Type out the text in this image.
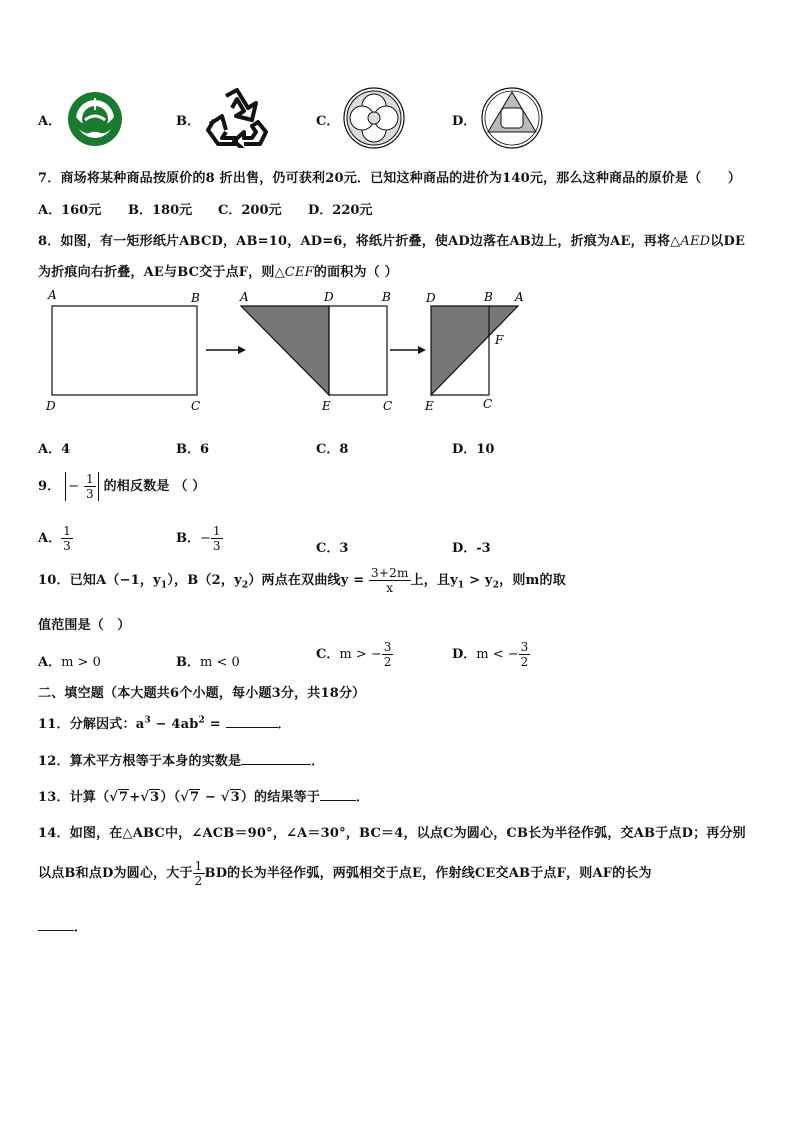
A．	B．	C．	D．
7．商场将某种商品按原价的8 折出售，仍可获利20元．已知这种商品的进价为140元，那么这种商品的原价是（　　）
A．160元 B．180元 C．200元 D．220元
8．如图，有一矩形纸片ABCD，AB=10，AD=6，将纸片折叠，使AD边落在AB边上，折痕为AE，再将△AED以DE
为折痕向右折叠，AE与BC交于点F，则△CEF的面积为（ ）
A	B
D	C
A	D	B
E	C
D	B A
F
E	C
A．4	B．6	C．8	D．10
9． − $\frac{1}{3}$ 的相反数是 （ ）
A． $\frac{1}{3}$	B．− $\frac{1}{3}$	C．3	D．-3
10．已知A（−1，$y_1$），B（2，$y_2$）两点在双曲线$y = \frac{3+2m}{x}$ 上，且$y_1 > y_2$，则m的取
值范围是（　）
A．m > 0	B．m < 0
C．m > − $\frac{3}{2}$	D．m < − $\frac{3}{2}$
二、填空题（本大题共6个小题，每小题3分，共18分）
11．分解因式：$a^3 - 4ab^2$ =	．
12．算术平方根等于本身的实数是	．
13．计算（√7+√3）（√7 − √3）的结果等于	．
14．如图，在△ABC中，∠ACB＝90°，∠A＝30°，BC＝4，以点C为圆心，CB长为半径作弧，交AB于点D；再分别
以点B和点D为圆心，大于 $\frac{1}{2}$ BD的长为半径作弧，两弧相交于点E，作射线CE交AB于点F，则AF的长为
．
